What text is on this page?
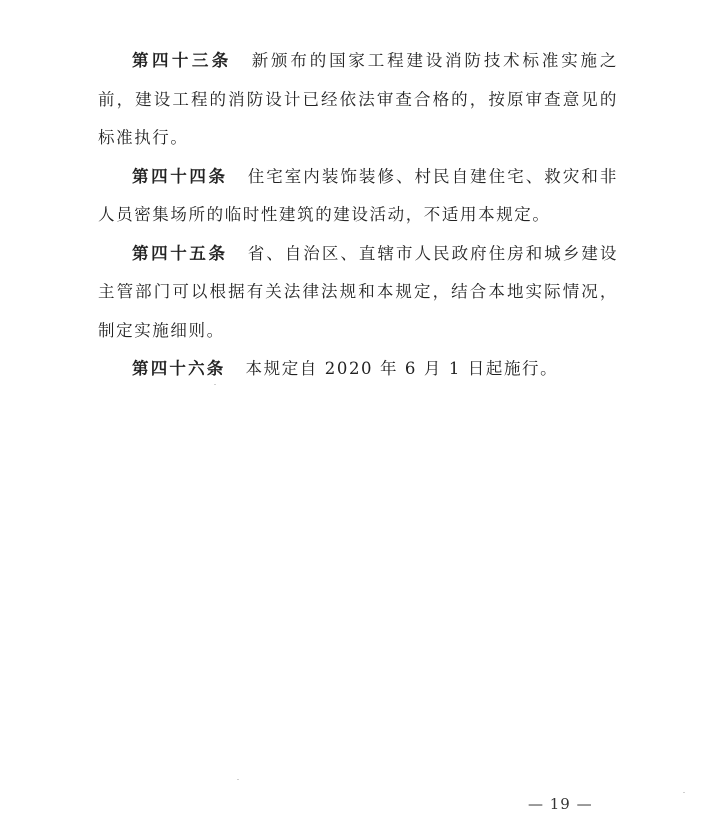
第四十三条 新颁布的国家工程建设消防技术标准实施之前，建设工程的消防设计已经依法审查合格的，按原审查意见的标准执行。

第四十四条 住宅室内装饰装修、村民自建住宅、救灾和非人员密集场所的临时性建筑的建设活动，不适用本规定。

第四十五条 省、自治区、直辖市人民政府住房和城乡建设主管部门可以根据有关法律法规和本规定，结合本地实际情况，制定实施细则。

第四十六条 本规定自 2020 年 6 月 1 日起施行。

— 19 —
